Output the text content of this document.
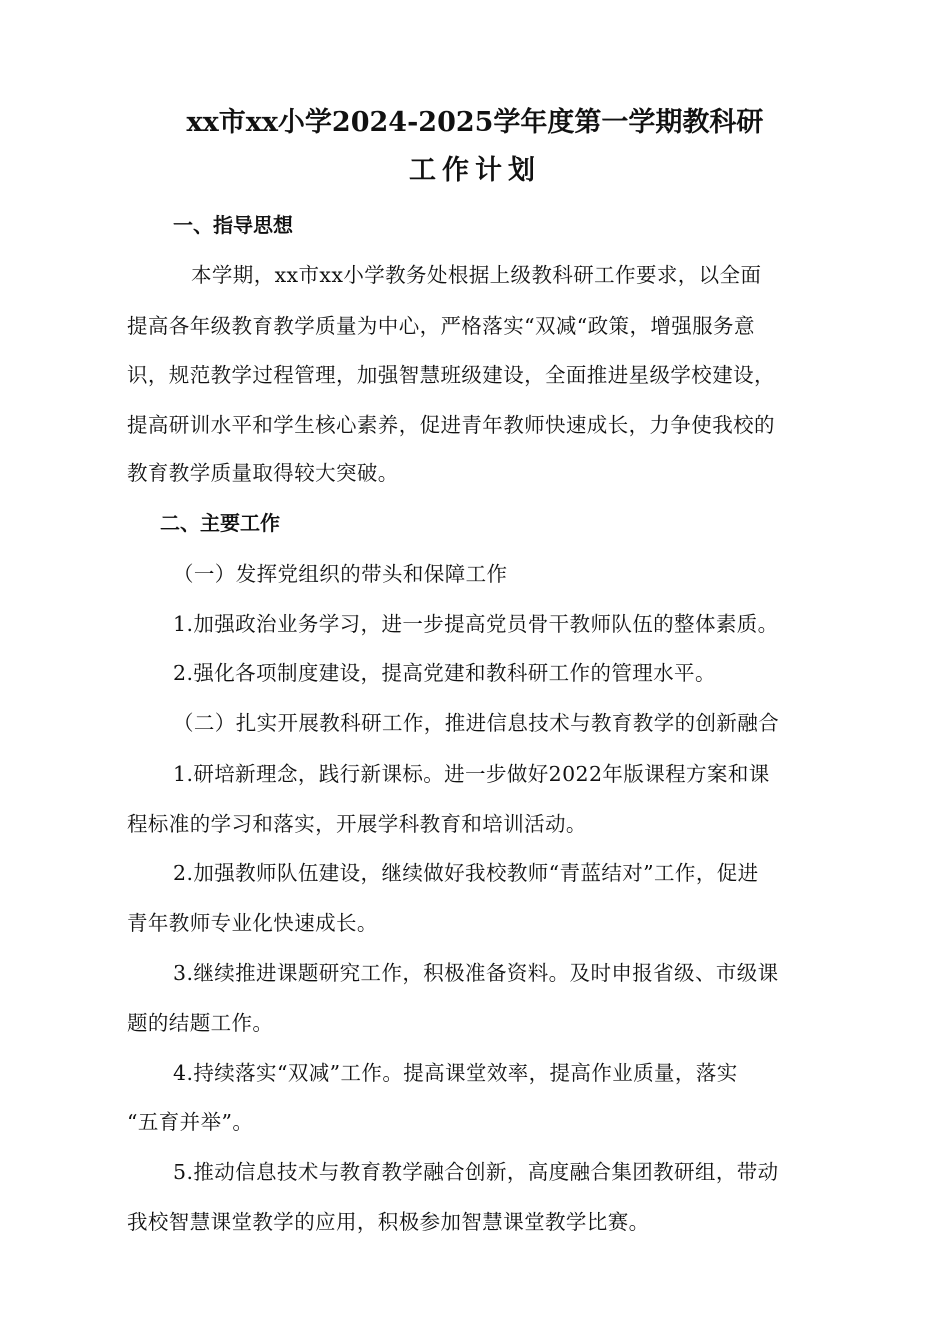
xx市xx小学2024-2025学年度第一学期教科研
工作计划
一、指导思想
本学期，xx市xx小学教务处根据上级教科研工作要求，以全面
提高各年级教育教学质量为中心，严格落实“双减“政策，增强服务意
识，规范教学过程管理，加强智慧班级建设，全面推进星级学校建设，
提高研训水平和学生核心素养，促进青年教师快速成长，力争使我校的
教育教学质量取得较大突破。
二、主要工作
（一）发挥党组织的带头和保障工作
1.加强政治业务学习，进一步提高党员骨干教师队伍的整体素质。
2.强化各项制度建设，提高党建和教科研工作的管理水平。
（二）扎实开展教科研工作，推进信息技术与教育教学的创新融合
1.研培新理念，践行新课标。进一步做好2022年版课程方案和课
程标准的学习和落实，开展学科教育和培训活动。
2.加强教师队伍建设，继续做好我校教师“青蓝结对”工作，促进
青年教师专业化快速成长。
3.继续推进课题研究工作，积极准备资料。及时申报省级、市级课
题的结题工作。
4.持续落实“双减”工作。提高课堂效率，提高作业质量，落实
“五育并举”。
5.推动信息技术与教育教学融合创新，高度融合集团教研组，带动
我校智慧课堂教学的应用，积极参加智慧课堂教学比赛。
